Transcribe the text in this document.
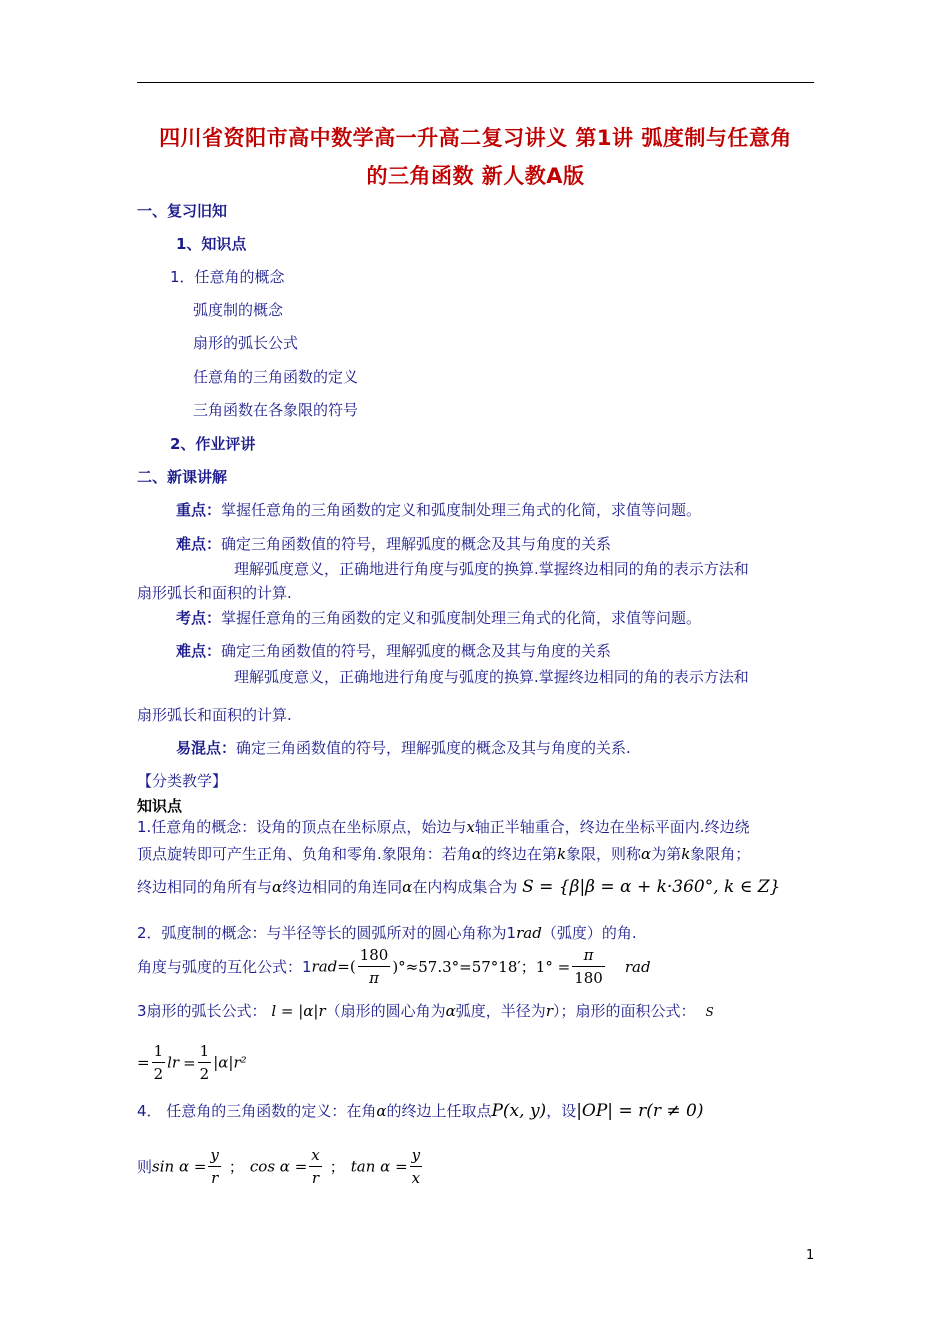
四川省资阳市高中数学高一升高二复习讲义 第1讲 弧度制与任意角
的三角函数 新人教A版
一、复习旧知
1、知识点
1．任意角的概念
弧度制的概念
扇形的弧长公式
任意角的三角函数的定义
三角函数在各象限的符号
2、作业评讲
二、新课讲解
重点：掌握任意角的三角函数的定义和弧度制处理三角式的化简，求值等问题。
难点：确定三角函数值的符号，理解弧度的概念及其与角度的关系
理解弧度意义，正确地进行角度与弧度的换算.掌握终边相同的角的表示方法和
扇形弧长和面积的计算.
考点：掌握任意角的三角函数的定义和弧度制处理三角式的化简，求值等问题。
难点：确定三角函数值的符号，理解弧度的概念及其与角度的关系
理解弧度意义，正确地进行角度与弧度的换算.掌握终边相同的角的表示方法和
扇形弧长和面积的计算.
易混点：确定三角函数值的符号，理解弧度的概念及其与角度的关系.
【分类教学】
知识点
1.任意角的概念：设角的顶点在坐标原点，始边与x轴正半轴重合，终边在坐标平面内.终边绕
顶点旋转即可产生正角、负角和零角.象限角：若角α的终边在第k象限，则称α为第k象限角；
终边相同的角所有与α终边相同的角连同α在内构成集合为 S = {β|β = α + k·360°, k ∈ Z}
2．弧度制的概念：与半径等长的圆弧所对的圆心角称为1rad（弧度）的角.
角度与弧度的互化公式：$1rad=( \frac{180}{\pi} )^\circ\approx 57.3^\circ=57^\circ 18'$；$1^\circ = \frac{\pi}{180}$ rad
3扇形的弧长公式： l = |α|r（扇形的圆心角为α弧度，半径为r）；扇形的面积公式： S
= $\frac{1}{2}$ lr = $\frac{1}{2} |\alpha|r^2$
4． 任意角的三角函数的定义：在角α的终边上任取点P(x, y)，设|OP| = r(r ≠ 0)
则$\sin \alpha = \frac{y}{r}$ ； $\cos \alpha = \frac{x}{r}$ ； $\tan \alpha = \frac{y}{x}$
1
